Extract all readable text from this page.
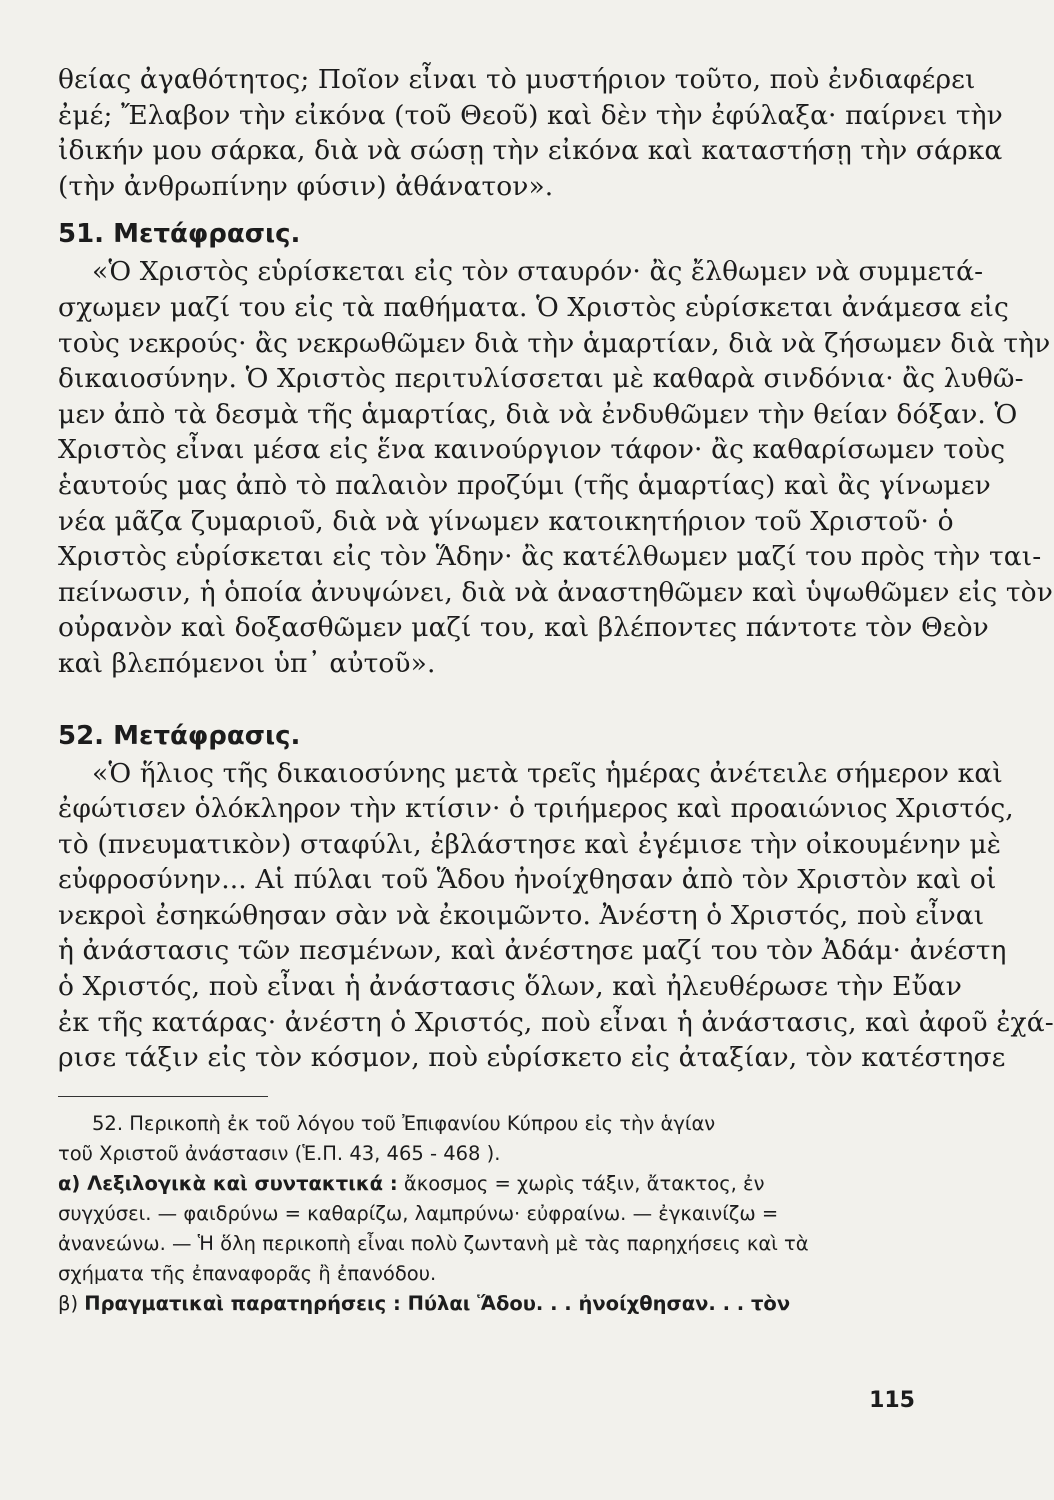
θείας ἀγαθότητος; Ποῖον εἶναι τὸ μυστήριον τοῦτο, ποὺ ἐνδιαφέρει
ἐμέ; Ἔλαβον τὴν εἰκόνα (τοῦ Θεοῦ) καὶ δὲν τὴν ἐφύλαξα· παίρνει τὴν
ἰδικήν μου σάρκα, διὰ νὰ σώσῃ τὴν εἰκόνα καὶ καταστήσῃ τὴν σάρκα
(τὴν ἀνθρωπίνην φύσιν) ἀθάνατον».
51. Μετάφρασις.
«Ὁ Χριστὸς εὑρίσκεται εἰς τὸν σταυρόν· ἂς ἔλθωμεν νὰ συμμετά-
σχωμεν μαζί του εἰς τὰ παθήματα. Ὁ Χριστὸς εὑρίσκεται ἀνάμεσα εἰς
τοὺς νεκρούς· ἂς νεκρωθῶμεν διὰ τὴν ἁμαρτίαν, διὰ νὰ ζήσωμεν διὰ τὴν
δικαιοσύνην. Ὁ Χριστὸς περιτυλίσσεται μὲ καθαρὰ σινδόνια· ἂς λυθῶ-
μεν ἀπὸ τὰ δεσμὰ τῆς ἁμαρτίας, διὰ νὰ ἐνδυθῶμεν τὴν θείαν δόξαν. Ὁ
Χριστὸς εἶναι μέσα εἰς ἕνα καινούργιον τάφον· ἂς καθαρίσωμεν τοὺς
ἑαυτούς μας ἀπὸ τὸ παλαιὸν προζύμι (τῆς ἁμαρτίας) καὶ ἂς γίνωμεν
νέα μᾶζα ζυμαριοῦ, διὰ νὰ γίνωμεν κατοικητήριον τοῦ Χριστοῦ· ὁ
Χριστὸς εὑρίσκεται εἰς τὸν Ἅδην· ἂς κατέλθωμεν μαζί του πρὸς τὴν ται-
πείνωσιν, ἡ ὁποία ἀνυψώνει, διὰ νὰ ἀναστηθῶμεν καὶ ὑψωθῶμεν εἰς τὸν
οὐρανὸν καὶ δοξασθῶμεν μαζί του, καὶ βλέποντες πάντοτε τὸν Θεὸν
καὶ βλεπόμενοι ὑπ᾽ αὐτοῦ».
52. Μετάφρασις.
«Ὁ ἥλιος τῆς δικαιοσύνης μετὰ τρεῖς ἡμέρας ἀνέτειλε σήμερον καὶ
ἐφώτισεν ὁλόκληρον τὴν κτίσιν· ὁ τριήμερος καὶ προαιώνιος Χριστός,
τὸ (πνευματικὸν) σταφύλι, ἐβλάστησε καὶ ἐγέμισε τὴν οἰκουμένην μὲ
εὐφροσύνην... Αἱ πύλαι τοῦ Ἅδου ἠνοίχθησαν ἀπὸ τὸν Χριστὸν καὶ οἱ
νεκροὶ ἐσηκώθησαν σὰν νὰ ἐκοιμῶντο. Ἀνέστη ὁ Χριστός, ποὺ εἶναι
ἡ ἀνάστασις τῶν πεσμένων, καὶ ἀνέστησε μαζί του τὸν Ἀδάμ· ἀνέστη
ὁ Χριστός, ποὺ εἶναι ἡ ἀνάστασις ὅλων, καὶ ἠλευθέρωσε τὴν Εὔαν
ἐκ τῆς κατάρας· ἀνέστη ὁ Χριστός, ποὺ εἶναι ἡ ἀνάστασις, καὶ ἀφοῦ ἐχά-
ρισε τάξιν εἰς τὸν κόσμον, ποὺ εὑρίσκετο εἰς ἀταξίαν, τὸν κατέστησε
52. Περικοπὴ ἐκ τοῦ λόγου τοῦ Ἐπιφανίου Κύπρου εἰς τὴν ἁγίαν
τοῦ Χριστοῦ ἀνάστασιν (Ἑ.Π. 43, 465 - 468 ).
α) Λεξιλογικὰ καὶ συντακτικά : ἄκοσμος = χωρὶς τάξιν, ἄτακτος, ἐν
συγχύσει. — φαιδρύνω = καθαρίζω, λαμπρύνω· εὐφραίνω. — ἐγκαινίζω =
ἀνανεώνω. — Ἡ ὅλη περικοπὴ εἶναι πολὺ ζωντανὴ μὲ τὰς παρηχήσεις καὶ τὰ
σχήματα τῆς ἐπαναφορᾶς ἢ ἐπανόδου.
β) Πραγματικαὶ παρατηρήσεις : Πύλαι Ἅδου. . . ἠνοίχθησαν. . . τὸν
115
